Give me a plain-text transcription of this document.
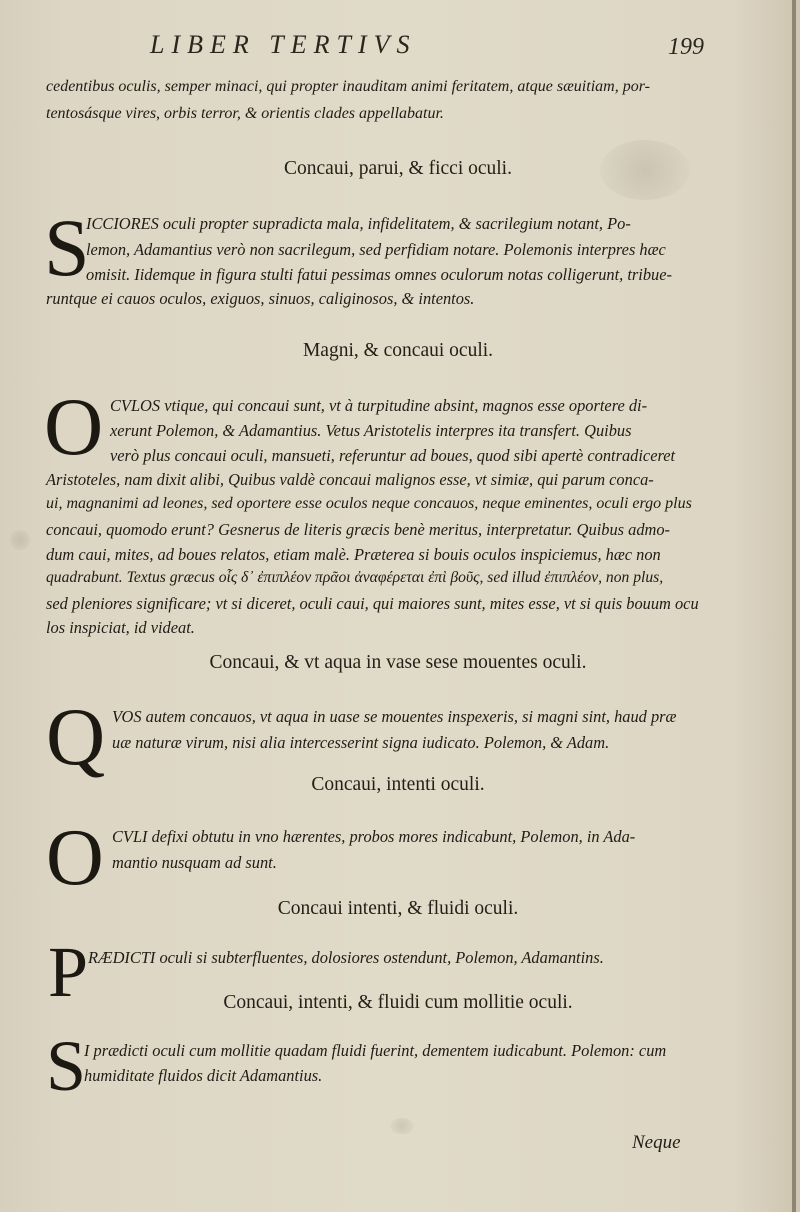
LIBER TERTIVS	199
cedentibus oculis, semper minaci, qui propter inauditam animi feritatem, atque sæuitiam, por-
tentosásque vires, orbis terror, & orientis clades appellabatur.
Concaui, parui, & ficci oculi.
S
ICCIORES oculi propter supradicta mala, infidelitatem, & sacrilegium notant, Po-
lemon, Adamantius verò non sacrilegum, sed perfidiam notare. Polemonis interpres hæc
omisit. Iidemque in figura stulti fatui pessimas omnes oculorum notas colligerunt, tribue-
runtque ei cauos oculos, exiguos, sinuos, caliginosos, & intentos.
Magni, & concaui oculi.
O CVLOS vtique, qui concaui sunt, vt à turpitudine absint, magnos esse oportere di-
xerunt Polemon, & Adamantius. Vetus Aristotelis interpres ita transfert. Quibus
verò plus concaui oculi, mansueti, referuntur ad boues, quod sibi apertè contradiceret
Aristoteles, nam dixit alibi, Quibus valdè concaui malignos esse, vt simiæ, qui parum conca-
ui, magnanimi ad leones, sed oportere esse oculos neque concauos, neque eminentes, oculi ergo plus
concaui, quomodo erunt? Gesnerus de literis græcis benè meritus, interpretatur. Quibus admo-
dum caui, mites, ad boues relatos, etiam malè. Præterea si bouis oculos inspiciemus, hæc non
quadrabunt. Textus græcus οἷς δ᾽ ἐπιπλέον πρᾶοι ἀναφέρεται ἐπὶ βοῦς, sed illud ἐπιπλέον, non plus,
sed pleniores significare; vt si diceret, oculi caui, qui maiores sunt, mites esse, vt si quis bouum ocu
los inspiciat, id videat.
Concaui, & vt aqua in vase sese mouentes oculi.
Q VOS autem concauos, vt aqua in uase se mouentes inspexeris, si magni sint, haud præ
uæ naturæ virum, nisi alia intercesserint signa iudicato. Polemon, & Adam.
Concaui, intenti oculi.
O CVLI defixi obtutu in vno hærentes, probos mores indicabunt, Polemon, in Ada-
mantio nusquam ad sunt.
Concaui intenti, & fluidi oculi.
P RÆDICTI oculi si subterfluentes, dolosiores ostendunt, Polemon, Adamantins.
Concaui, intenti, & fluidi cum mollitie oculi.
S
I prædicti oculi cum mollitie quadam fluidi fuerint, dementem iudicabunt. Polemon: cum
humiditate fluidos dicit Adamantius.
Neque
